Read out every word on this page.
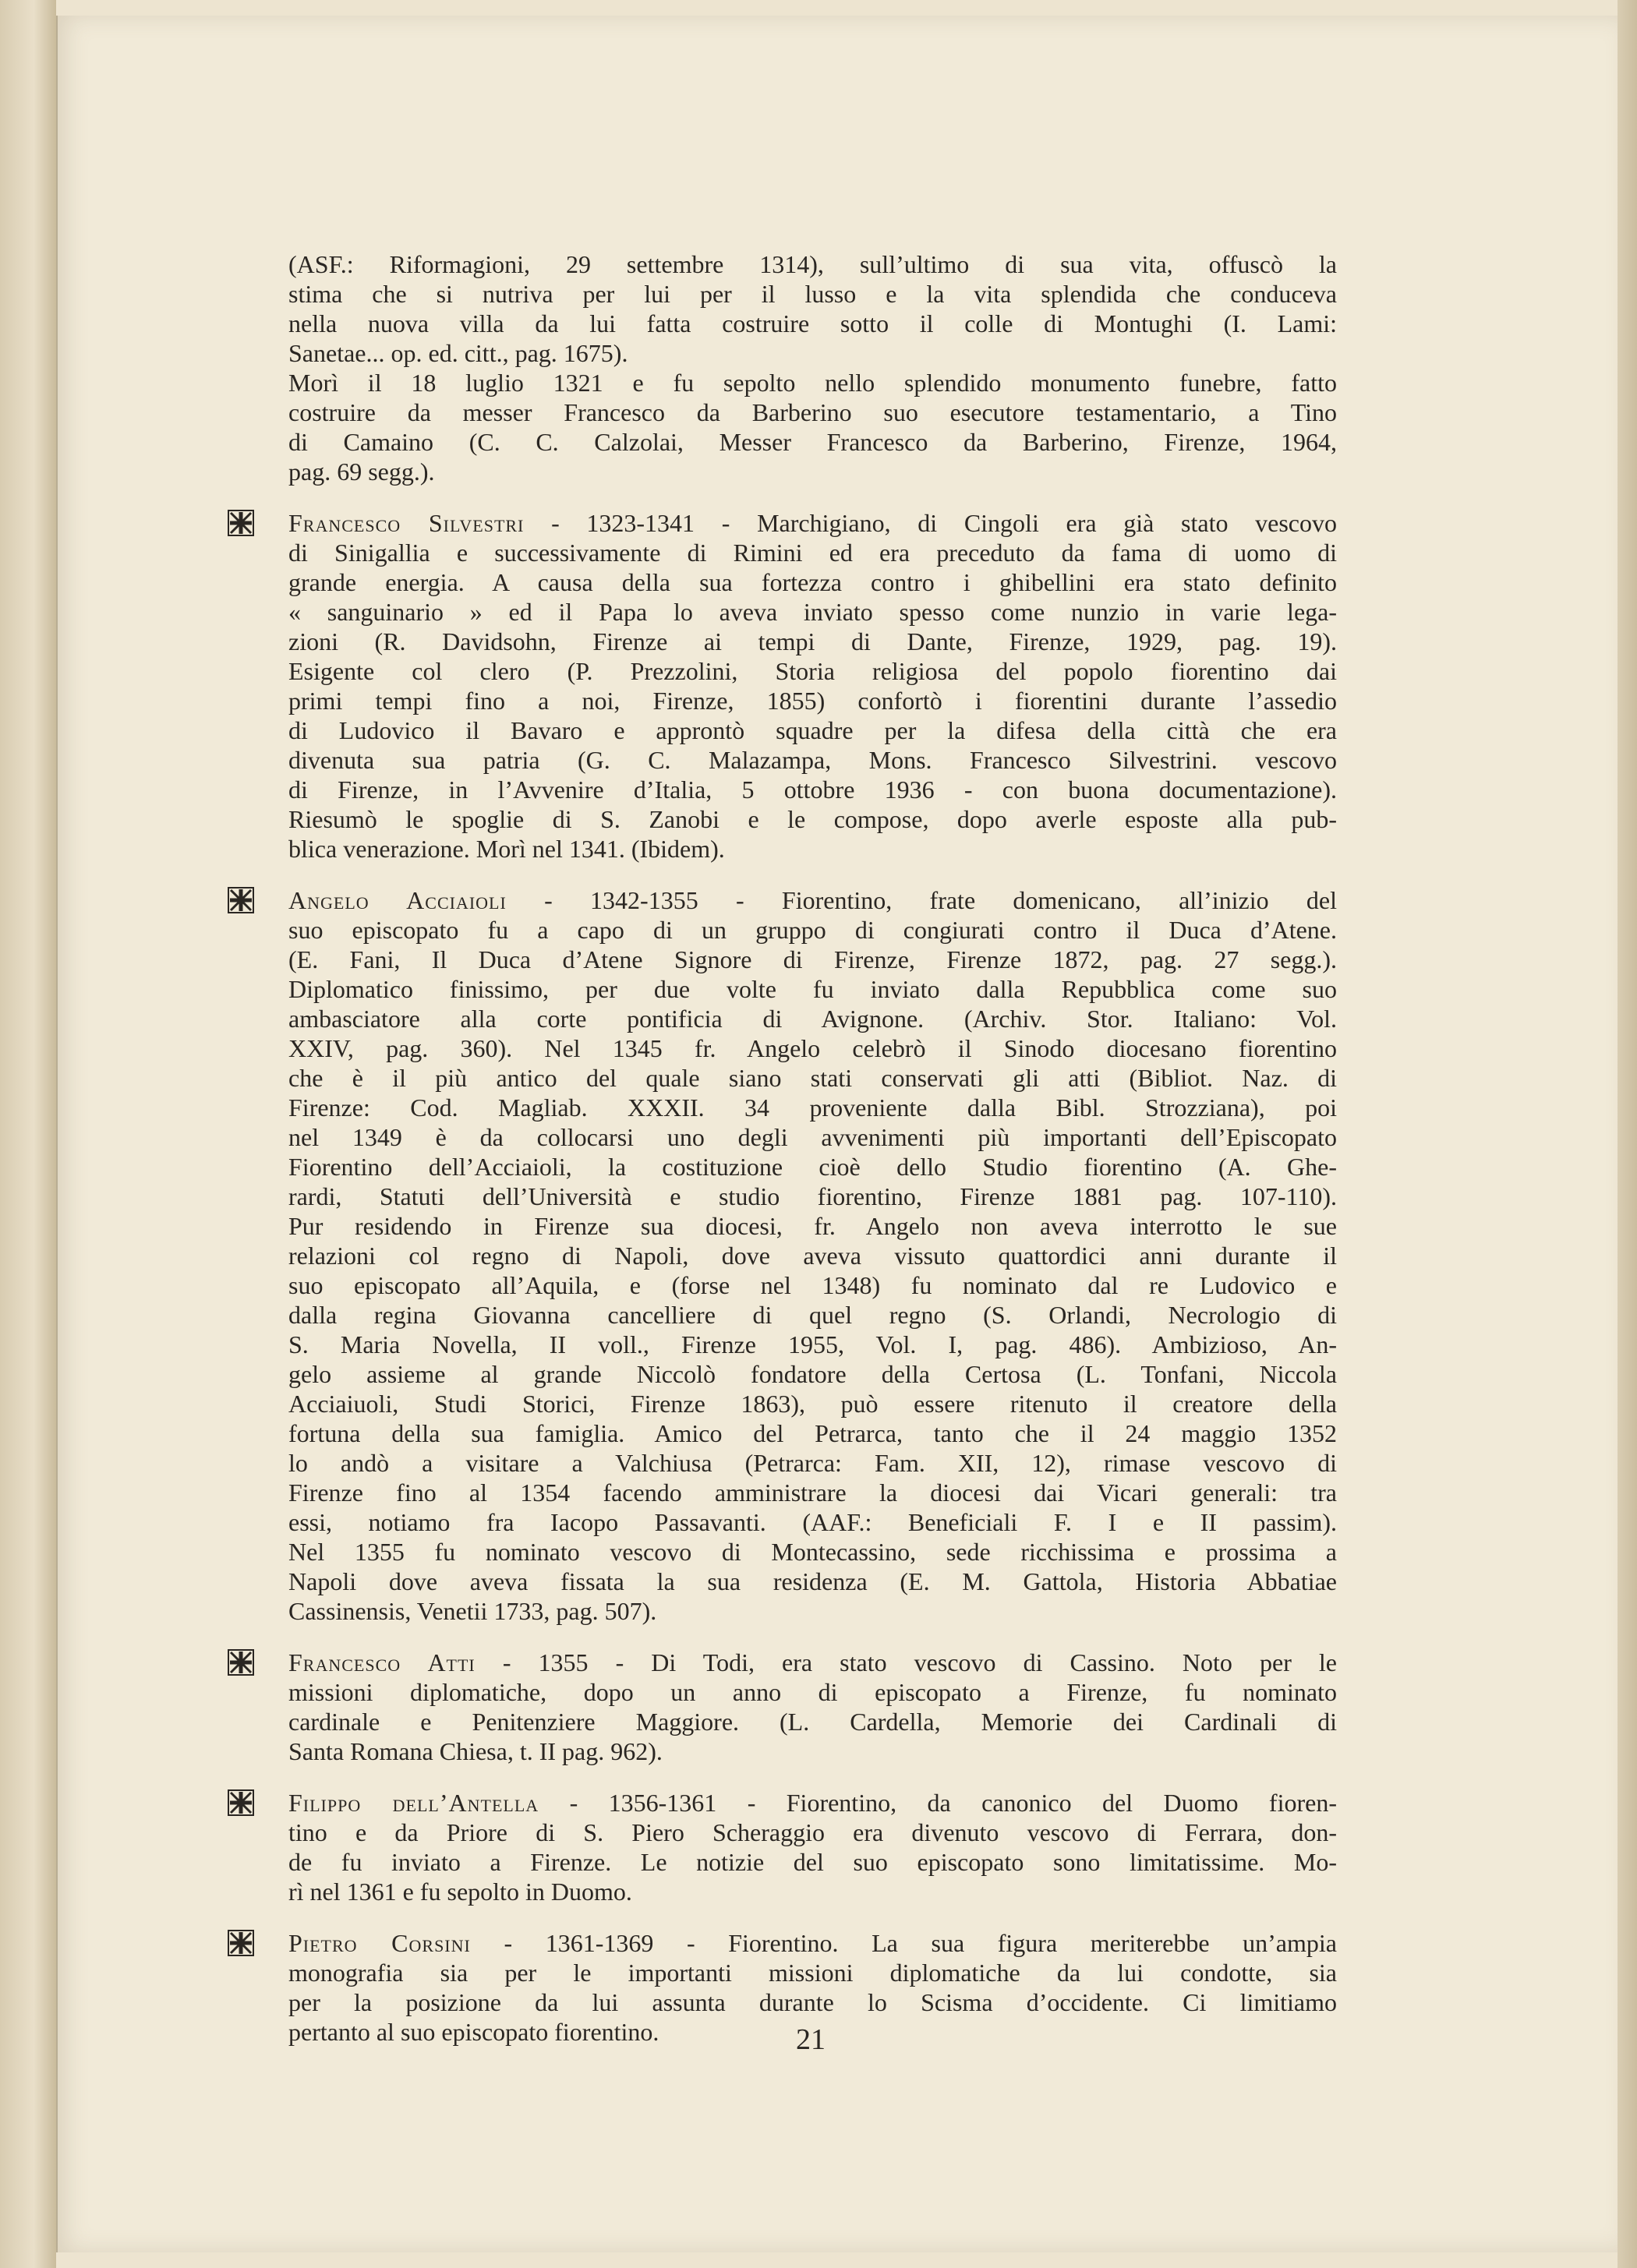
(ASF.: Riformagioni, 29 settembre 1314), sull’ultimo di sua vita, offuscò la
stima che si nutriva per lui per il lusso e la vita splendida che conduceva
nella nuova villa da lui fatta costruire sotto il colle di Montughi (I. Lami:
Sanetae... op. ed. citt., pag. 1675).
Morì il 18 luglio 1321 e fu sepolto nello splendido monumento funebre, fatto
costruire da messer Francesco da Barberino suo esecutore testamentario, a Tino
di Camaino (C. C. Calzolai, Messer Francesco da Barberino, Firenze, 1964,
pag. 69 segg.).
Francesco Silvestri - 1323-1341 - Marchigiano, di Cingoli era già stato vescovo
di Sinigallia e successivamente di Rimini ed era preceduto da fama di uomo di
grande energia. A causa della sua fortezza contro i ghibellini era stato definito
« sanguinario » ed il Papa lo aveva inviato spesso come nunzio in varie lega-
zioni (R. Davidsohn, Firenze ai tempi di Dante, Firenze, 1929, pag. 19).
Esigente col clero (P. Prezzolini, Storia religiosa del popolo fiorentino dai
primi tempi fino a noi, Firenze, 1855) confortò i fiorentini durante l’assedio
di Ludovico il Bavaro e approntò squadre per la difesa della città che era
divenuta sua patria (G. C. Malazampa, Mons. Francesco Silvestrini. vescovo
di Firenze, in l’Avvenire d’Italia, 5 ottobre 1936 - con buona documentazione).
Riesumò le spoglie di S. Zanobi e le compose, dopo averle esposte alla pub-
blica venerazione. Morì nel 1341. (Ibidem).
Angelo Acciaioli - 1342-1355 - Fiorentino, frate domenicano, all’inizio del
suo episcopato fu a capo di un gruppo di congiurati contro il Duca d’Atene.
(E. Fani, Il Duca d’Atene Signore di Firenze, Firenze 1872, pag. 27 segg.).
Diplomatico finissimo, per due volte fu inviato dalla Repubblica come suo
ambasciatore alla corte pontificia di Avignone. (Archiv. Stor. Italiano: Vol.
XXIV, pag. 360). Nel 1345 fr. Angelo celebrò il Sinodo diocesano fiorentino
che è il più antico del quale siano stati conservati gli atti (Bibliot. Naz. di
Firenze: Cod. Magliab. XXXII. 34 proveniente dalla Bibl. Strozziana), poi
nel 1349 è da collocarsi uno degli avvenimenti più importanti dell’Episcopato
Fiorentino dell’Acciaioli, la costituzione cioè dello Studio fiorentino (A. Ghe-
rardi, Statuti dell’Università e studio fiorentino, Firenze 1881 pag. 107-110).
Pur residendo in Firenze sua diocesi, fr. Angelo non aveva interrotto le sue
relazioni col regno di Napoli, dove aveva vissuto quattordici anni durante il
suo episcopato all’Aquila, e (forse nel 1348) fu nominato dal re Ludovico e
dalla regina Giovanna cancelliere di quel regno (S. Orlandi, Necrologio di
S. Maria Novella, II voll., Firenze 1955, Vol. I, pag. 486). Ambizioso, An-
gelo assieme al grande Niccolò fondatore della Certosa (L. Tonfani, Niccola
Acciaiuoli, Studi Storici, Firenze 1863), può essere ritenuto il creatore della
fortuna della sua famiglia. Amico del Petrarca, tanto che il 24 maggio 1352
lo andò a visitare a Valchiusa (Petrarca: Fam. XII, 12), rimase vescovo di
Firenze fino al 1354 facendo amministrare la diocesi dai Vicari generali: tra
essi, notiamo fra Iacopo Passavanti. (AAF.: Beneficiali F. I e II passim).
Nel 1355 fu nominato vescovo di Montecassino, sede ricchissima e prossima a
Napoli dove aveva fissata la sua residenza (E. M. Gattola, Historia Abbatiae
Cassinensis, Venetii 1733, pag. 507).
Francesco Atti - 1355 - Di Todi, era stato vescovo di Cassino. Noto per le
missioni diplomatiche, dopo un anno di episcopato a Firenze, fu nominato
cardinale e Penitenziere Maggiore. (L. Cardella, Memorie dei Cardinali di
Santa Romana Chiesa, t. II pag. 962).
Filippo dell’Antella - 1356-1361 - Fiorentino, da canonico del Duomo fioren-
tino e da Priore di S. Piero Scheraggio era divenuto vescovo di Ferrara, don-
de fu inviato a Firenze. Le notizie del suo episcopato sono limitatissime. Mo-
rì nel 1361 e fu sepolto in Duomo.
Pietro Corsini - 1361-1369 - Fiorentino. La sua figura meriterebbe un’ampia
monografia sia per le importanti missioni diplomatiche da lui condotte, sia
per la posizione da lui assunta durante lo Scisma d’occidente. Ci limitiamo
pertanto al suo episcopato fiorentino.	21
